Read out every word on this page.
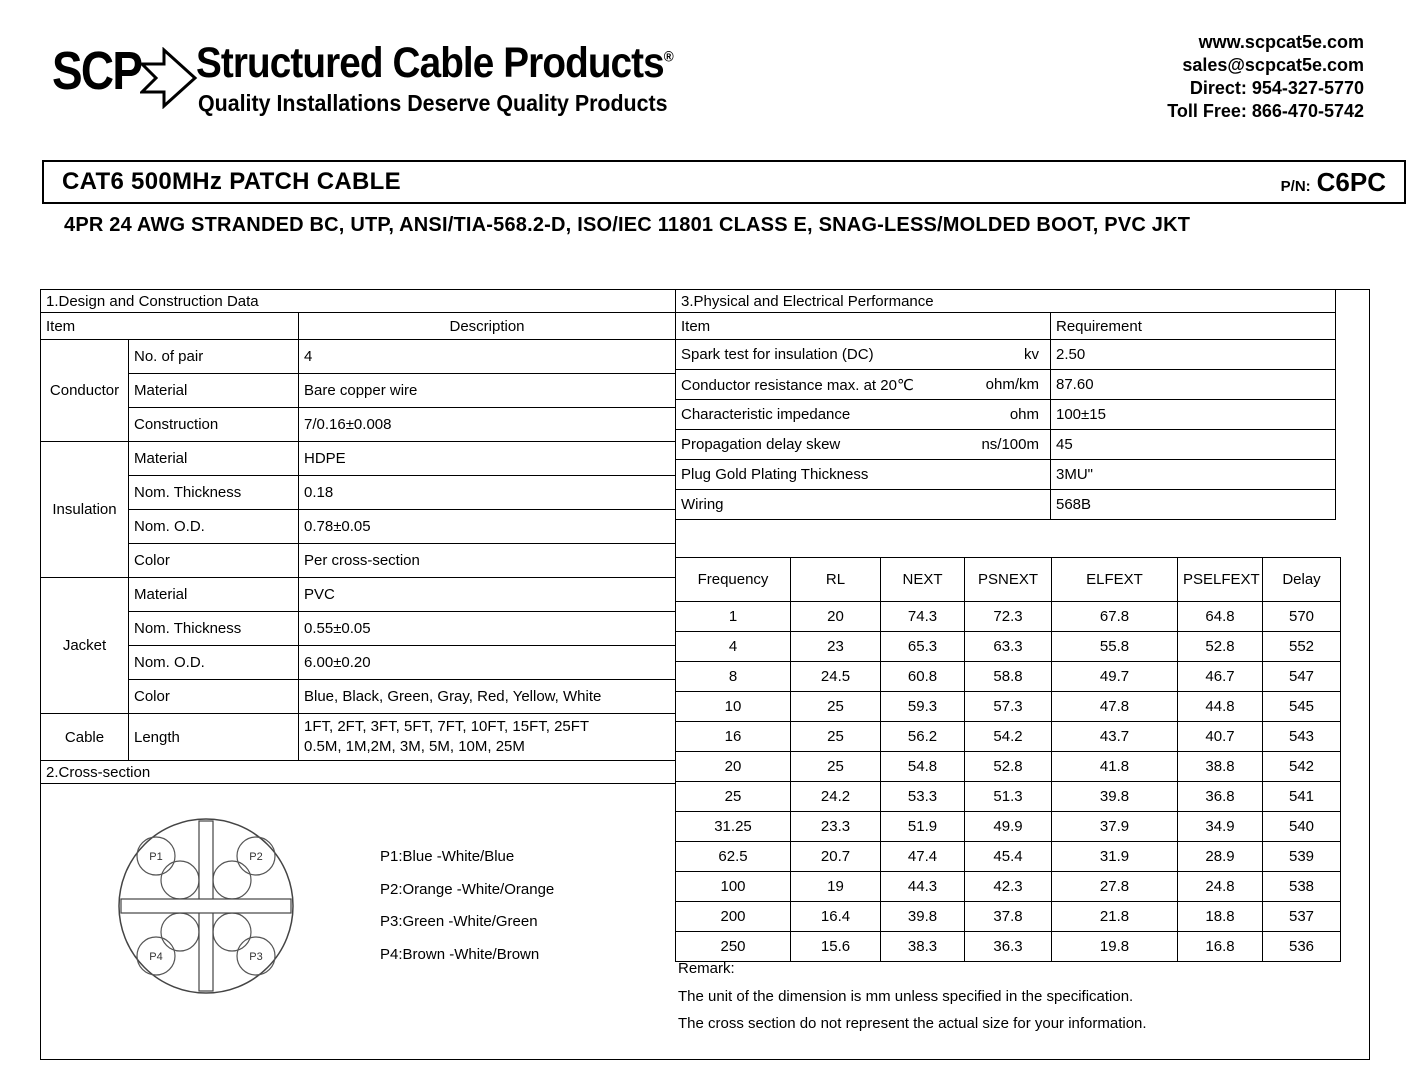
SCP Structured Cable Products®
Quality Installations Deserve Quality Products
www.scpcat5e.com
sales@scpcat5e.com
Direct: 954-327-5770
Toll Free: 866-470-5742
CAT6 500MHz PATCH CABLE	P/N: C6PC
4PR 24 AWG STRANDED BC, UTP, ANSI/TIA-568.2-D, ISO/IEC 11801 CLASS E, SNAG-LESS/MOLDED BOOT, PVC JKT
1.Design and Construction Data		
Item		Description
Conductor	No. of pair	4
	Material	Bare copper wire
	Construction	7/0.16±0.008
Insulation	Material	HDPE
	Nom. Thickness	0.18
	Nom. O.D.	0.78±0.05
	Color	Per cross-section
Jacket	Material	PVC
	Nom. Thickness	0.55±0.05
	Nom. O.D.	6.00±0.20
	Color	Blue, Black, Green, Gray, Red, Yellow, White
Cable	Length	1FT, 2FT, 3FT, 5FT, 7FT, 10FT, 15FT, 25FT
0.5M, 1M,2M, 3M, 5M, 10M, 25M

2.Cross-section		
P1	P2
P4	P3
P1:Blue -White/Blue
P2:Orange -White/Orange
P3:Green -White/Green
P4:Brown -White/Brown
3.Physical and Electrical Performance	
Item	Requirement

Spark test for insulation (DC) kv	2.50

Conductor resistance max. at 20℃ ohm/km	87.60

Characteristic impedance ohm	100±15

Propagation delay skew ns/100m	45

Plug Gold Plating Thickness	3MU"

Wiring	568B
Frequency	RL	NEXT	PSNEXT	ELFEXT	PSELFEXT	Delay
1	20	74.3	72.3	67.8	64.8	570
4	23	65.3	63.3	55.8	52.8	552
8	24.5	60.8	58.8	49.7	46.7	547
10	25	59.3	57.3	47.8	44.8	545
16	25	56.2	54.2	43.7	40.7	543
20	25	54.8	52.8	41.8	38.8	542
25	24.2	53.3	51.3	39.8	36.8	541
31.25	23.3	51.9	49.9	37.9	34.9	540
62.5	20.7	47.4	45.4	31.9	28.9	539
100	19	44.3	42.3	27.8	24.8	538
200	16.4	39.8	37.8	21.8	18.8	537
250	15.6	38.3	36.3	19.8	16.8	536
Remark:
The unit of the dimension is mm unless specified in the specification.
The cross section do not represent the actual size for your information.
